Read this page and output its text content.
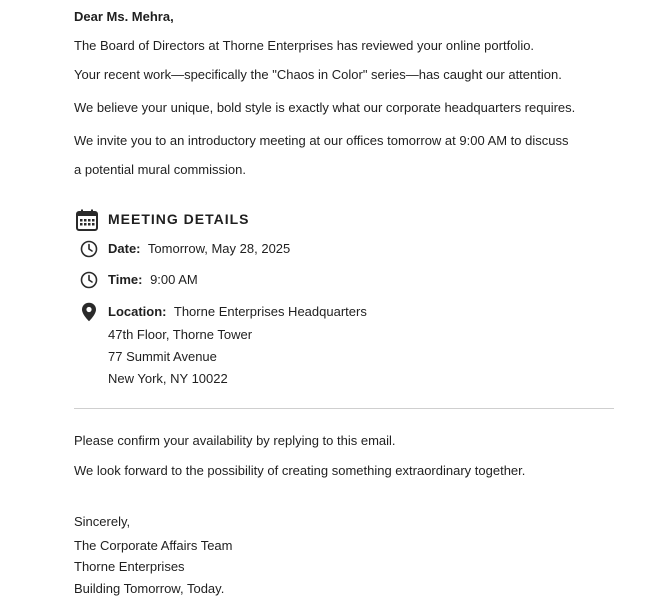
Dear Ms. Mehra,
The Board of Directors at Thorne Enterprises has reviewed your online portfolio.
Your recent work—specifically the "Chaos in Color" series—has caught our attention.
We believe your unique, bold style is exactly what our corporate headquarters requires.
We invite you to an introductory meeting at our offices tomorrow at 9:00 AM to discuss
a potential mural commission.
MEETING DETAILS
Date: Tomorrow, May 28, 2025
Time: 9:00 AM
Location: Thorne Enterprises Headquarters
47th Floor, Thorne Tower
77 Summit Avenue
New York, NY 10022
Please confirm your availability by replying to this email.
We look forward to the possibility of creating something extraordinary together.
Sincerely,
The Corporate Affairs Team
Thorne Enterprises
Building Tomorrow, Today.
